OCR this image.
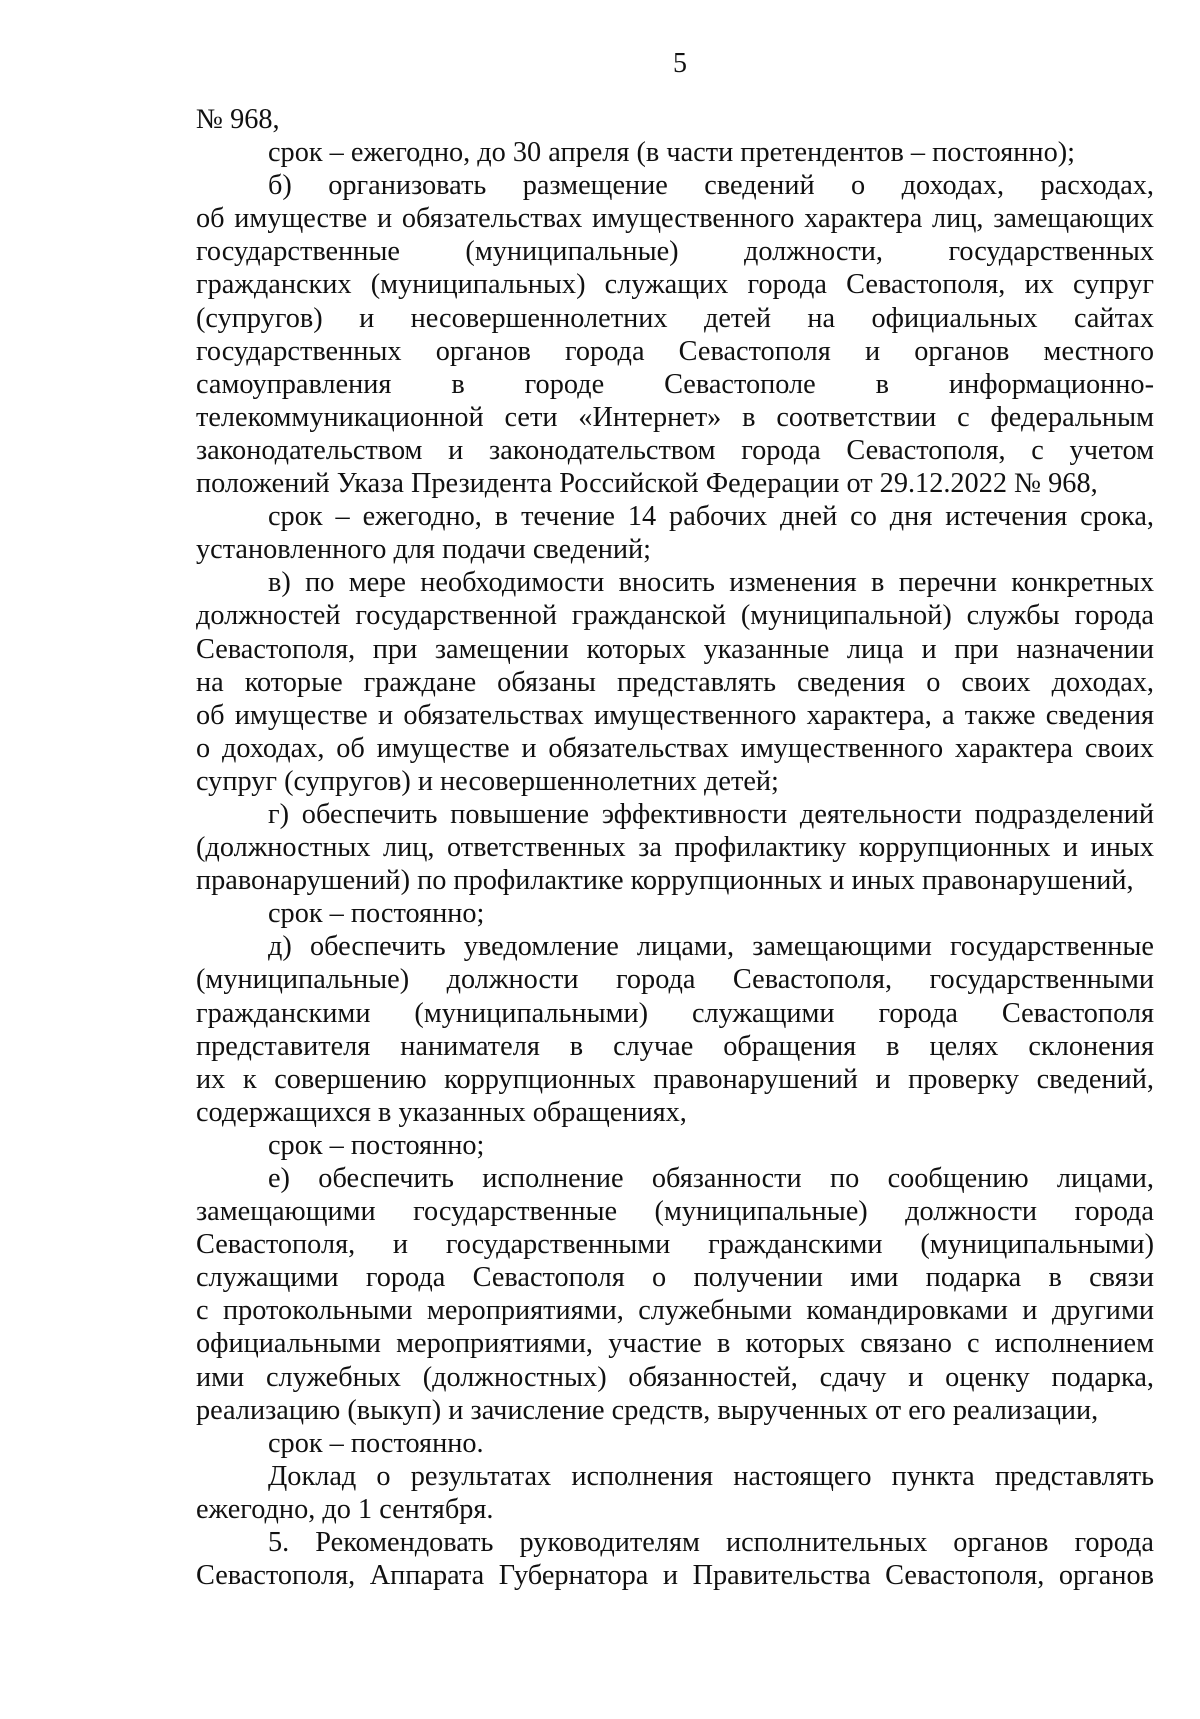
5
№ 968,
срок – ежегодно, до 30 апреля (в части претендентов – постоянно);
б) организовать размещение сведений о доходах, расходах,
об имуществе и обязательствах имущественного характера лиц, замещающих
государственные (муниципальные) должности, государственных
гражданских (муниципальных) служащих города Севастополя, их супруг
(супругов) и несовершеннолетних детей на официальных сайтах
государственных органов города Севастополя и органов местного
самоуправления в городе Севастополе в информационно-
телекоммуникационной сети «Интернет» в соответствии с федеральным
законодательством и законодательством города Севастополя, с учетом
положений Указа Президента Российской Федерации от 29.12.2022 № 968,
срок – ежегодно, в течение 14 рабочих дней со дня истечения срока,
установленного для подачи сведений;
в) по мере необходимости вносить изменения в перечни конкретных
должностей государственной гражданской (муниципальной) службы города
Севастополя, при замещении которых указанные лица и при назначении
на которые граждане обязаны представлять сведения о своих доходах,
об имуществе и обязательствах имущественного характера, а также сведения
о доходах, об имуществе и обязательствах имущественного характера своих
супруг (супругов) и несовершеннолетних детей;
г) обеспечить повышение эффективности деятельности подразделений
(должностных лиц, ответственных за профилактику коррупционных и иных
правонарушений) по профилактике коррупционных и иных правонарушений,
срок – постоянно;
д) обеспечить уведомление лицами, замещающими государственные
(муниципальные) должности города Севастополя, государственными
гражданскими (муниципальными) служащими города Севастополя
представителя нанимателя в случае обращения в целях склонения
их к совершению коррупционных правонарушений и проверку сведений,
содержащихся в указанных обращениях,
срок – постоянно;
е) обеспечить исполнение обязанности по сообщению лицами,
замещающими государственные (муниципальные) должности города
Севастополя, и государственными гражданскими (муниципальными)
служащими города Севастополя о получении ими подарка в связи
с протокольными мероприятиями, служебными командировками и другими
официальными мероприятиями, участие в которых связано с исполнением
ими служебных (должностных) обязанностей, сдачу и оценку подарка,
реализацию (выкуп) и зачисление средств, вырученных от его реализации,
срок – постоянно.
Доклад о результатах исполнения настоящего пункта представлять
ежегодно, до 1 сентября.
5. Рекомендовать руководителям исполнительных органов города
Севастополя, Аппарата Губернатора и Правительства Севастополя, органов
